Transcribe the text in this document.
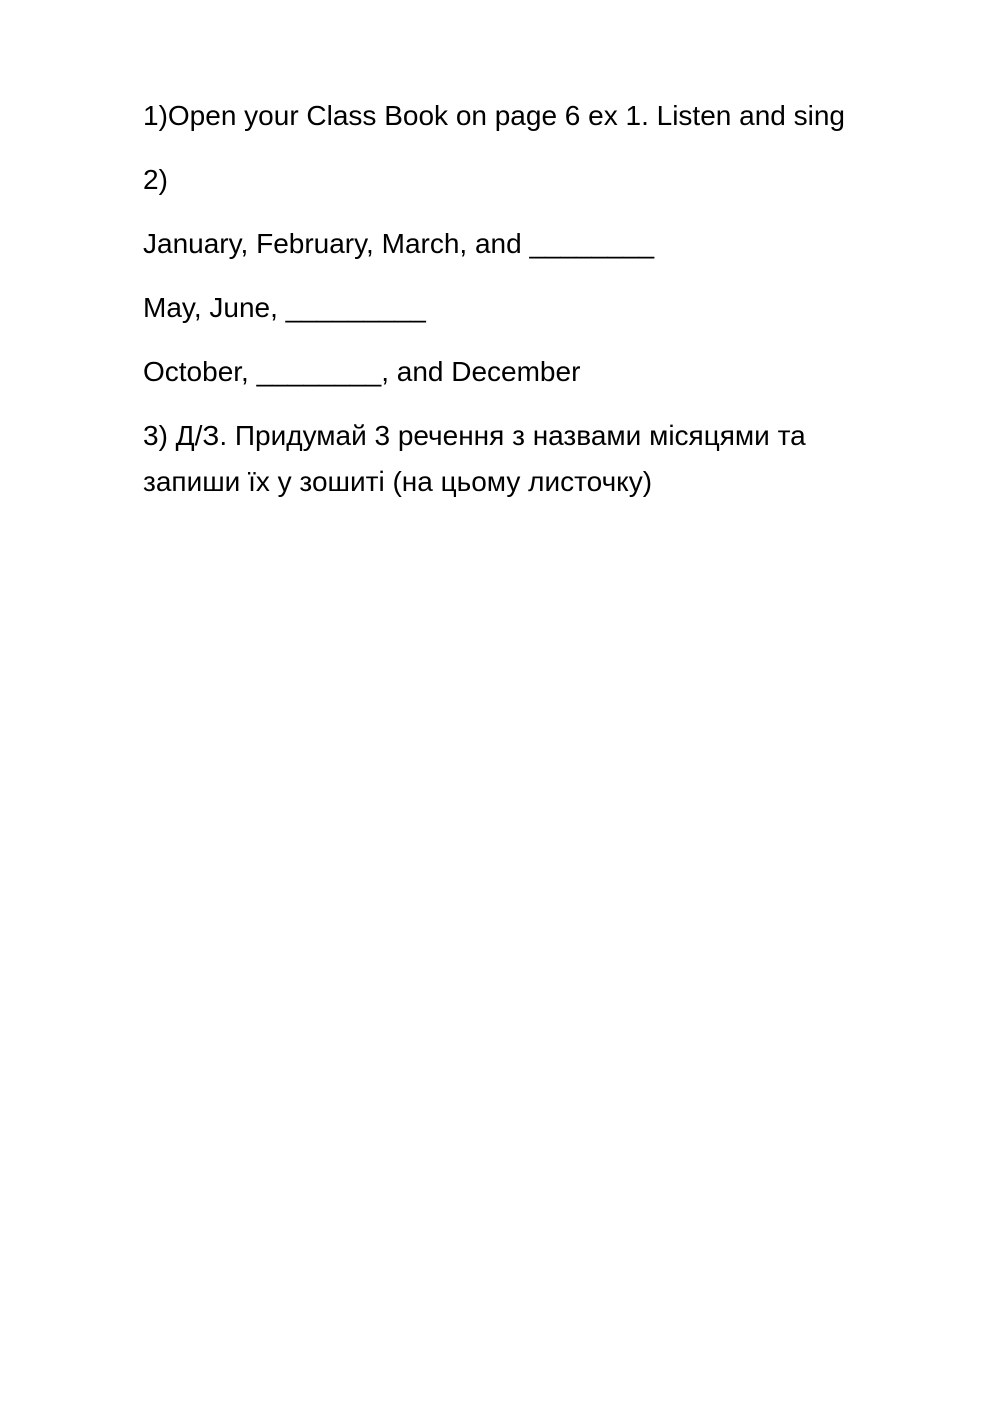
1)Open your Class Book on page 6 ex 1. Listen and sing

2)

January, February, March, and ________

May, June, _________

October, ________, and December

3) Д/З. Придумай 3 речення з назвами місяцями та

запиши їх у зошиті (на цьому листочку)
